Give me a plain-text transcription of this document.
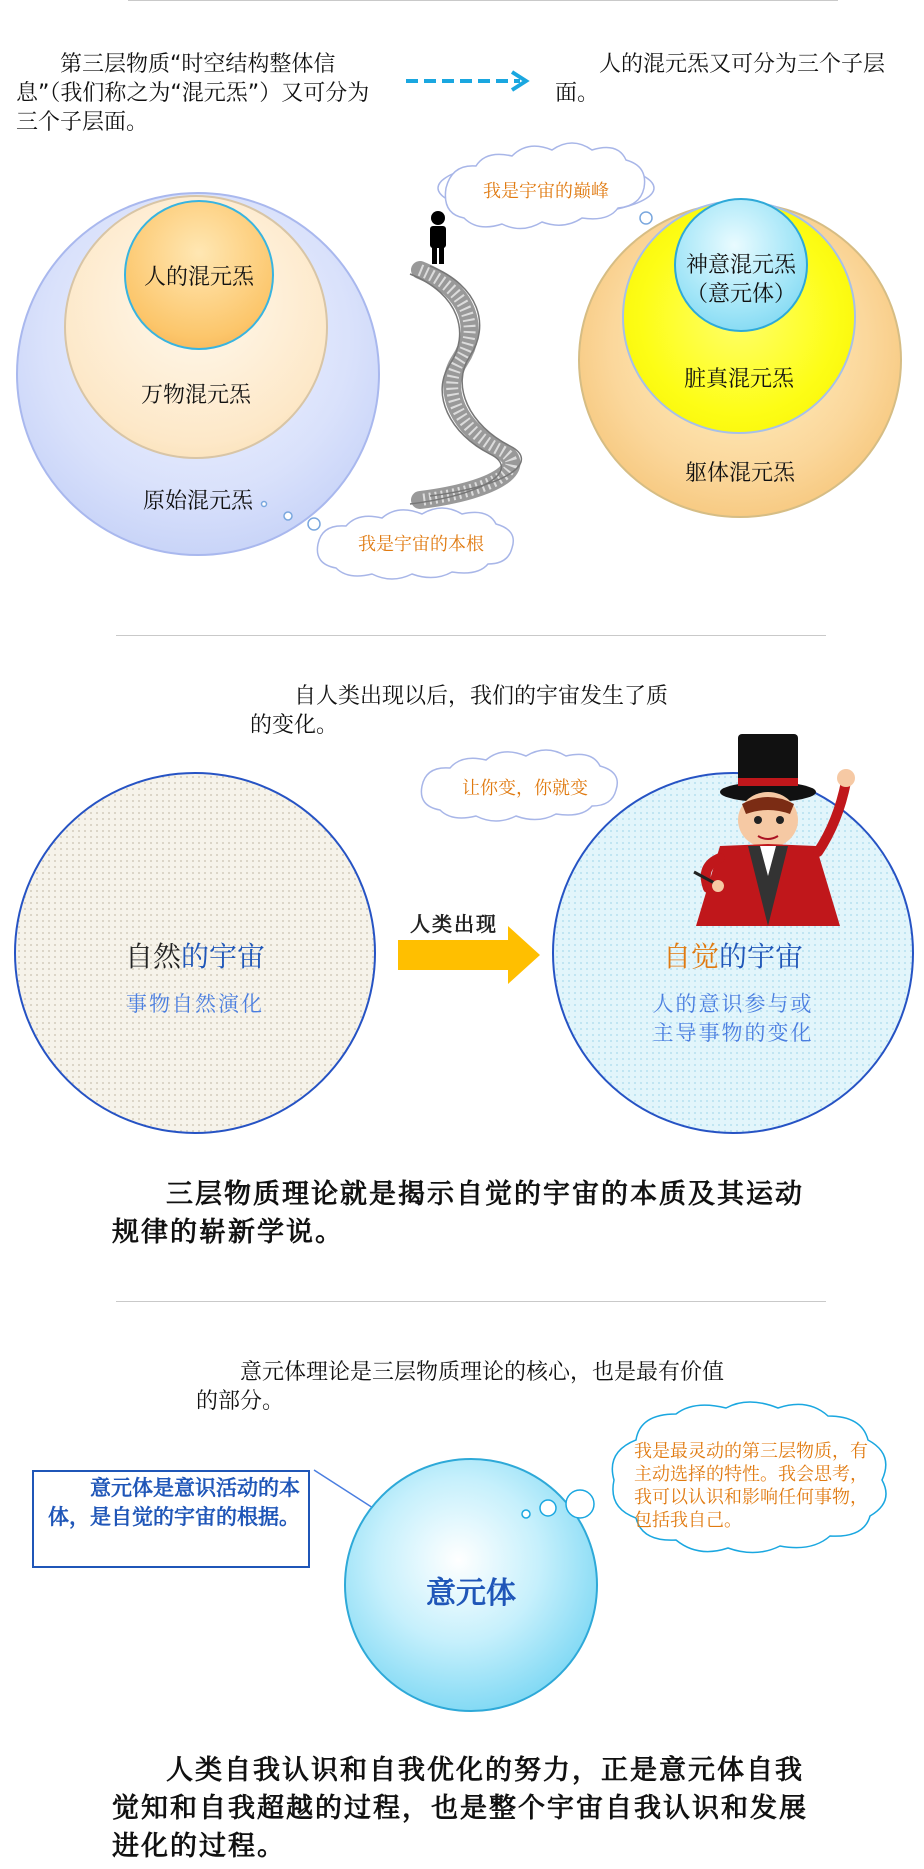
第三层物质“时空结构整体信息”（我们称之为“混元炁”）又可分为三个子层面。
人的混元炁又可分为三个子层面。
人的混元炁
万物混元炁
原始混元炁
我是宇宙的巅峰
我是宇宙的本根
神意混元炁
（意元体）
脏真混元炁
躯体混元炁
自人类出现以后，我们的宇宙发生了质的变化。
让你变，你就变
自然的宇宙
事物自然演化
人类出现
自觉的宇宙
人的意识参与或
主导事物的变化
三层物质理论就是揭示自觉的宇宙的本质及其运动规律的崭新学说。
意元体理论是三层物质理论的核心，也是最有价值的部分。
意元体是意识活动的本体，是自觉的宇宙的根据。
意元体
我是最灵动的第三层物质，有主动选择的特性。我会思考，我可以认识和影响任何事物，包括我自己。
人类自我认识和自我优化的努力，正是意元体自我觉知和自我超越的过程，也是整个宇宙自我认识和发展进化的过程。
